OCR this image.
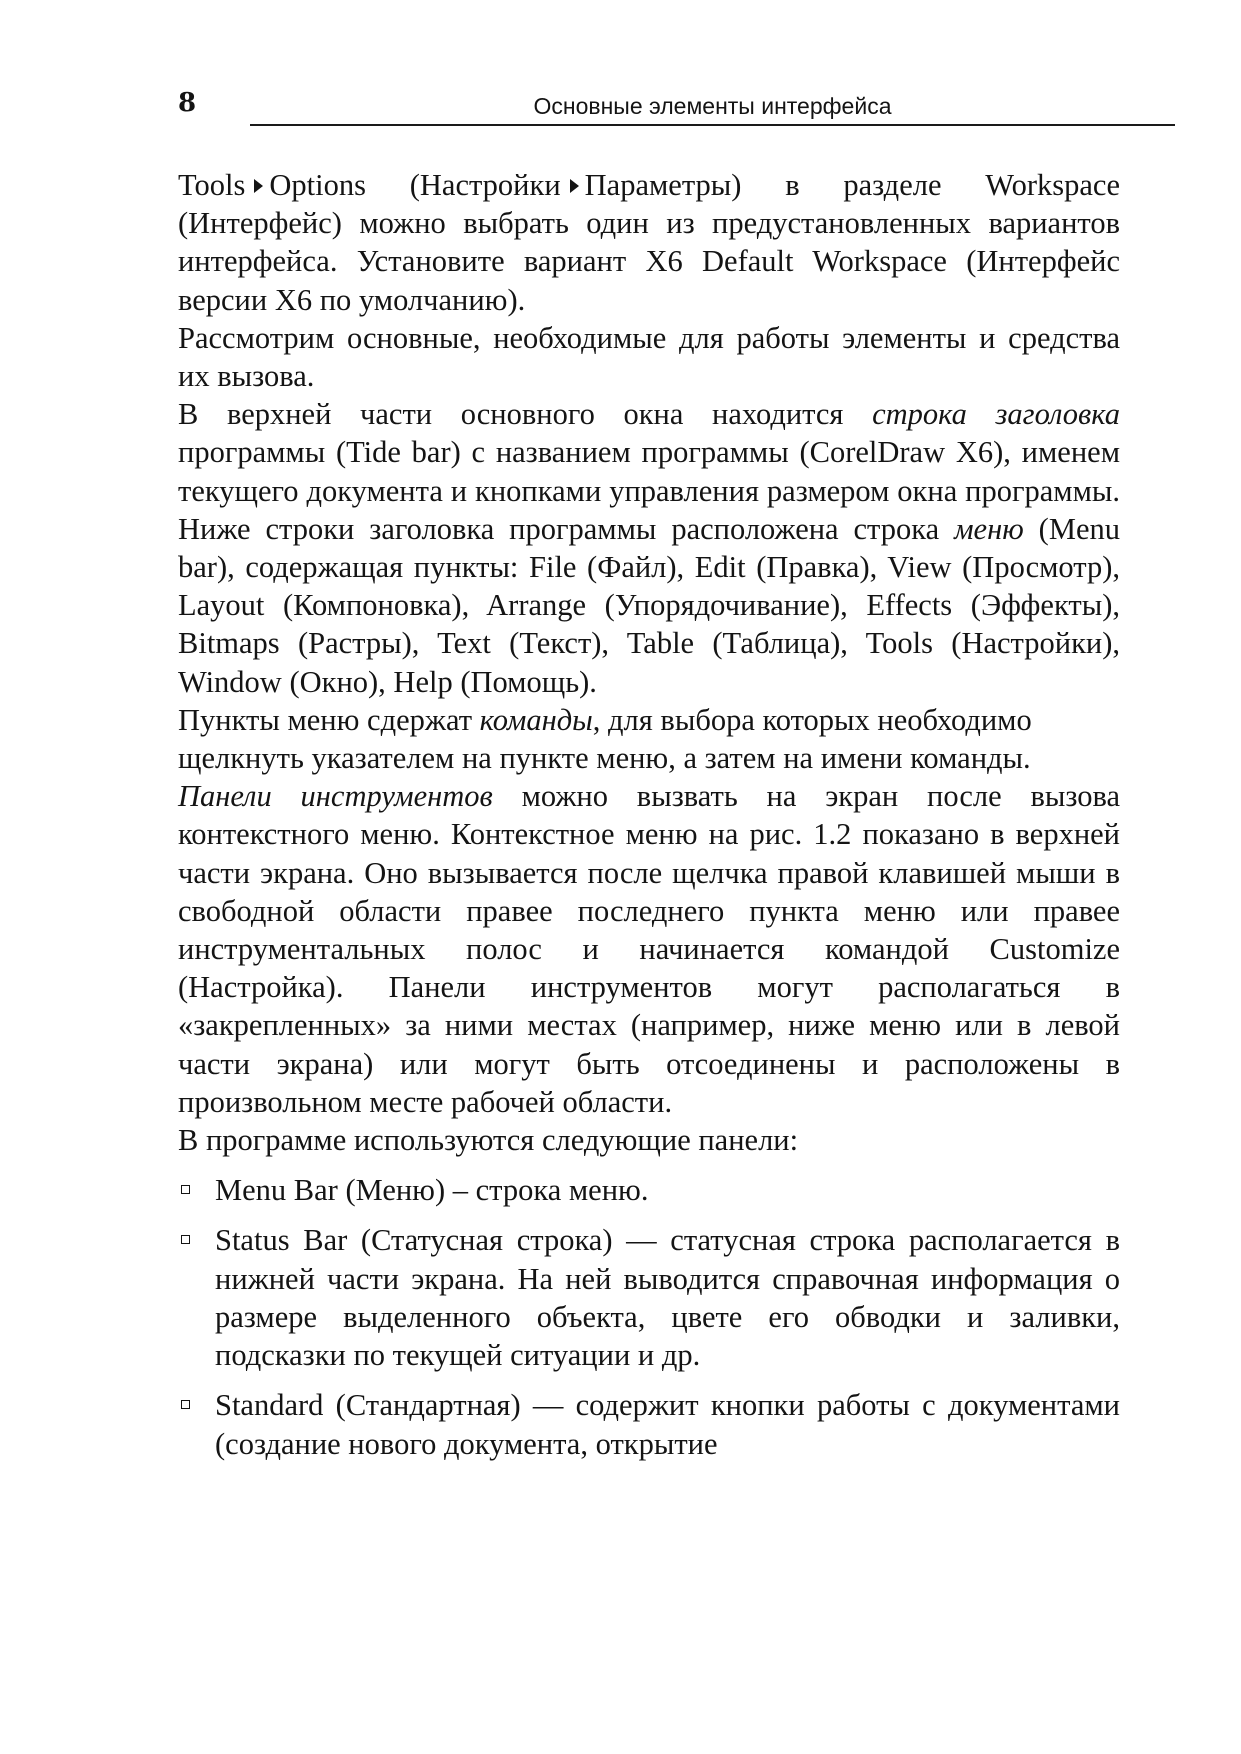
8	Основные элементы интерфейса

Tools Options (Настройки Параметры) в разделе Workspace (Интерфейс) можно выбрать один из предустановленных вариантов интерфейса. Установите вариант X6 Default Workspace (Интерфейс версии X6 по умолчанию).

Рассмотрим основные, необходимые для работы элементы и средства их вызова.

В верхней части основного окна находится строка заголовка программы (Tide bar) с названием программы (CorelDraw X6), именем текущего документа и кнопками управления размером окна программы. Ниже строки заголовка программы расположена строка меню (Menu bar), содержащая пункты: File (Файл), Edit (Правка), View (Просмотр), Layout (Компоновка), Arrange (Упорядочивание), Effects (Эффекты), Bitmaps (Растры), Text (Текст), Table (Таблица), Tools (Настройки), Window (Окно), Help (Помощь).

Пункты меню сдержат команды, для выбора которых необходимо щелкнуть указателем на пункте меню, а затем на имени команды.

Панели инструментов можно вызвать на экран после вызова контекстного меню. Контекстное меню на рис. 1.2 показано в верхней части экрана. Оно вызывается после щелчка правой клавишей мыши в свободной области правее последнего пункта меню или правее инструментальных полос и начинается командой Customize (Настройка). Панели инструментов могут располагаться в «закрепленных» за ними местах (например, ниже меню или в левой части экрана) или могут быть отсоединены и расположены в произвольном месте рабочей области.

В программе используются следующие панели:

Menu Bar (Меню) – строка меню.
Status Bar (Статусная строка) — статусная строка располагается в нижней части экрана. На ней выводится справочная информация о размере выделенного объекта, цвете его обводки и заливки, подсказки по текущей ситуации и др.
Standard (Стандартная) — содержит кнопки работы с документами (создание нового документа, открытие
